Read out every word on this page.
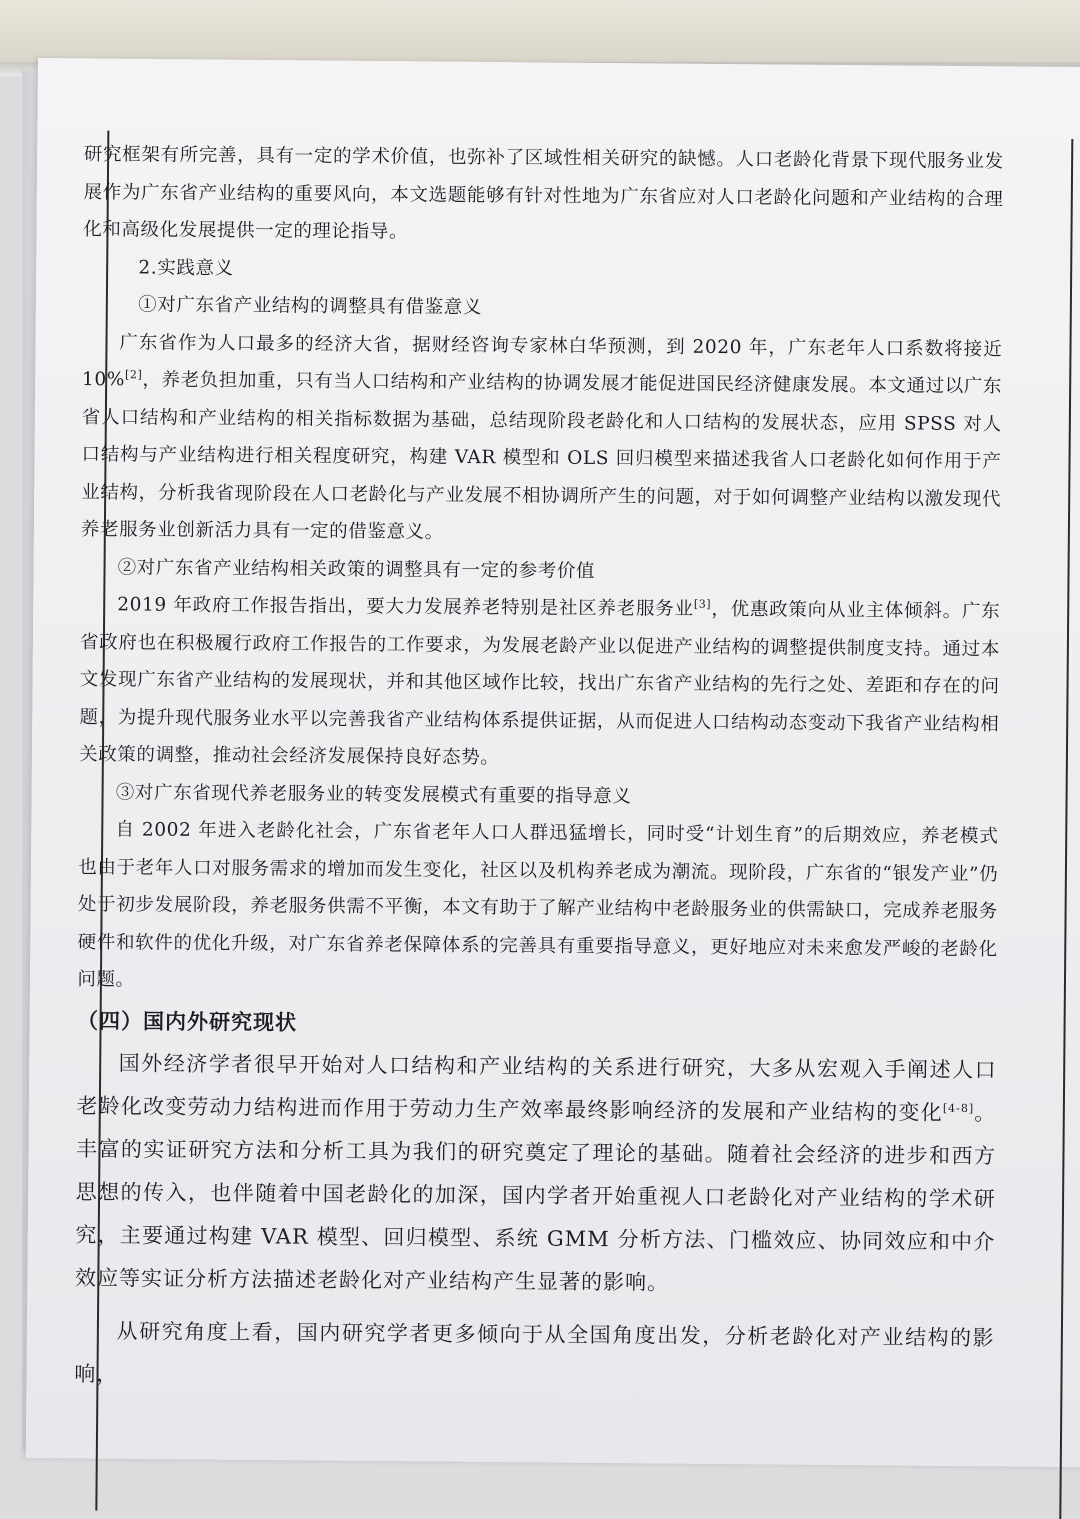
研究框架有所完善，具有一定的学术价值，也弥补了区域性相关研究的缺憾。人口老龄化背景下现代服务业发展作为广东省产业结构的重要风向，本文选题能够有针对性地为广东省应对人口老龄化问题和产业结构的合理化和高级化发展提供一定的理论指导。

2.实践意义

①对广东省产业结构的调整具有借鉴意义

广东省作为人口最多的经济大省，据财经咨询专家林白华预测，到 2020 年，广东老年人口系数将接近 10%[2]，养老负担加重，只有当人口结构和产业结构的协调发展才能促进国民经济健康发展。本文通过以广东省人口结构和产业结构的相关指标数据为基础，总结现阶段老龄化和人口结构的发展状态，应用 SPSS 对人口结构与产业结构进行相关程度研究，构建 VAR 模型和 OLS 回归模型来描述我省人口老龄化如何作用于产业结构，分析我省现阶段在人口老龄化与产业发展不相协调所产生的问题，对于如何调整产业结构以激发现代养老服务业创新活力具有一定的借鉴意义。

②对广东省产业结构相关政策的调整具有一定的参考价值

2019 年政府工作报告指出，要大力发展养老特别是社区养老服务业[3]，优惠政策向从业主体倾斜。广东省政府也在积极履行政府工作报告的工作要求，为发展老龄产业以促进产业结构的调整提供制度支持。通过本文发现广东省产业结构的发展现状，并和其他区域作比较，找出广东省产业结构的先行之处、差距和存在的问题，为提升现代服务业水平以完善我省产业结构体系提供证据，从而促进人口结构动态变动下我省产业结构相关政策的调整，推动社会经济发展保持良好态势。

③对广东省现代养老服务业的转变发展模式有重要的指导意义

自 2002 年进入老龄化社会，广东省老年人口人群迅猛增长，同时受“计划生育”的后期效应，养老模式也由于老年人口对服务需求的增加而发生变化，社区以及机构养老成为潮流。现阶段，广东省的“银发产业”仍处于初步发展阶段，养老服务供需不平衡，本文有助于了解产业结构中老龄服务业的供需缺口，完成养老服务硬件和软件的优化升级，对广东省养老保障体系的完善具有重要指导意义，更好地应对未来愈发严峻的老龄化问题。

（四）国内外研究现状

国外经济学者很早开始对人口结构和产业结构的关系进行研究，大多从宏观入手阐述人口老龄化改变劳动力结构进而作用于劳动力生产效率最终影响经济的发展和产业结构的变化[4-8]。丰富的实证研究方法和分析工具为我们的研究奠定了理论的基础。随着社会经济的进步和西方思想的传入，也伴随着中国老龄化的加深，国内学者开始重视人口老龄化对产业结构的学术研究，主要通过构建 VAR 模型、回归模型、系统 GMM 分析方法、门槛效应、协同效应和中介效应等实证分析方法描述老龄化对产业结构产生显著的影响。

从研究角度上看，国内研究学者更多倾向于从全国角度出发，分析老龄化对产业结构的影响，
